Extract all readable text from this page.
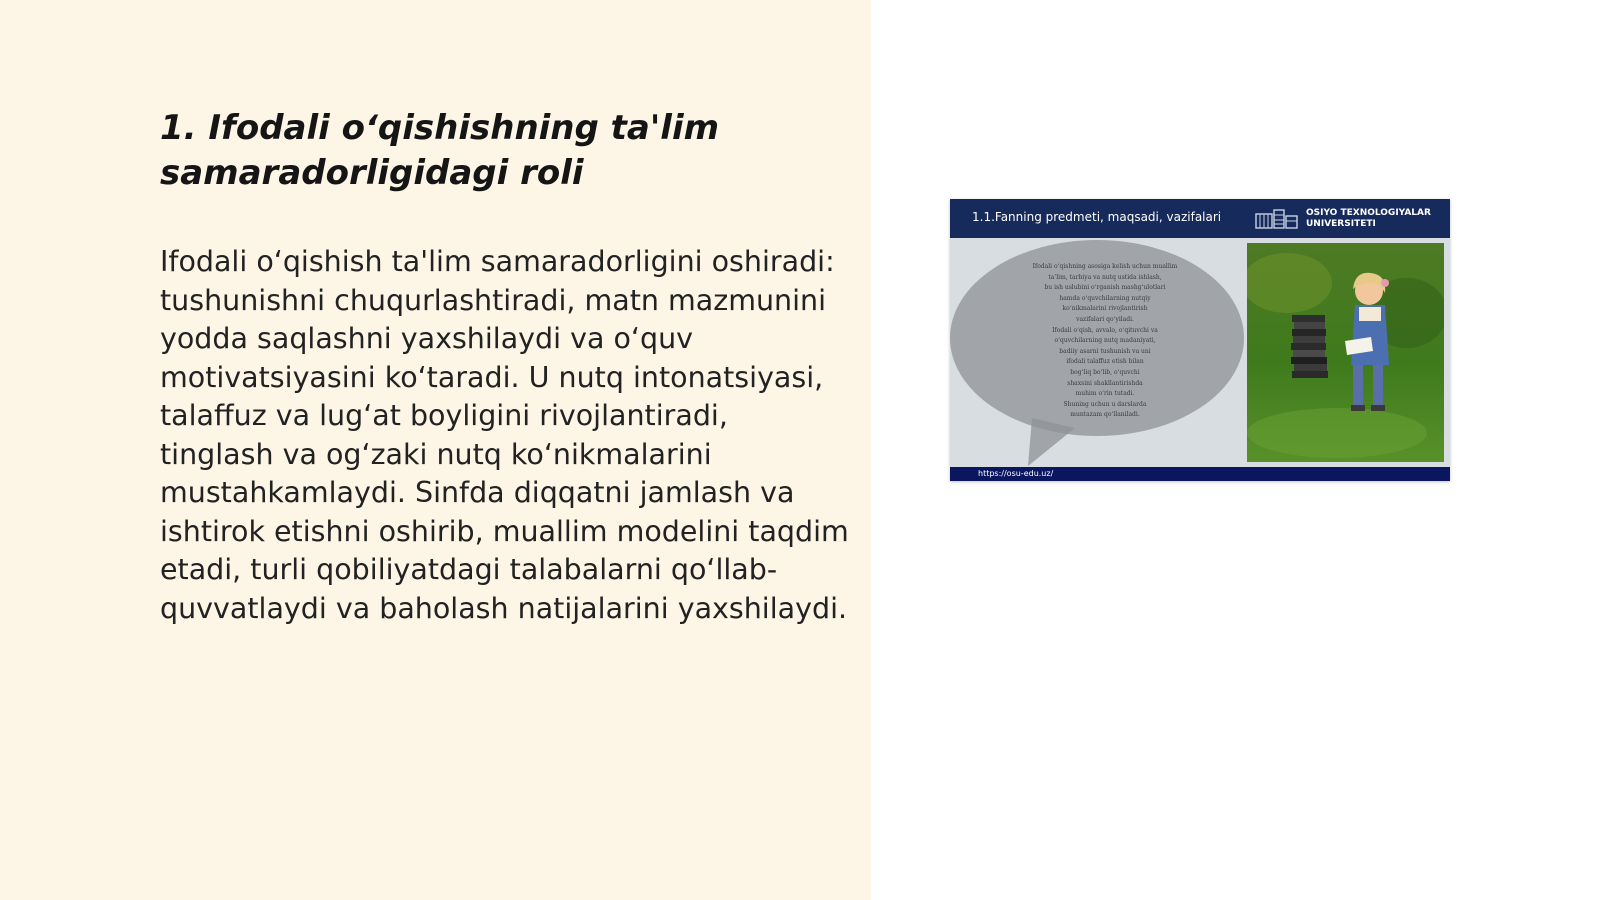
1. Ifodali o‘qishishning ta'lim samaradorligidagi roli

Ifodali o‘qishish ta'lim samaradorligini oshiradi: tushunishni chuqurlashtiradi, matn mazmunini yodda saqlashni yaxshilaydi va o‘quv motivatsiyasini ko‘taradi. U nutq intonatsiyasi, talaffuz va lug‘at boyligini rivojlantiradi, tinglash va og‘zaki nutq ko‘nikmalarini mustahkamlaydi. Sinfda diqqatni jamlash va ishtirok etishni oshirib, muallim modelini taqdim etadi, turli qobiliyatdagi talabalarni qo‘llab-quvvatlaydi va baholash natijalarini yaxshilaydi.

1.1.Fanning predmeti, maqsadi, vazifalari	OSIYO TEXNOLOGIYALAR UNIVERSITETI
Ifodali o‘qishning asosiga kelish uchun muallim
ta’lim, tarbiya va nutq ustida ishlash,
bu ish uslubini o‘rganish mashg‘ulotlari
hamda o‘quvchilarning nutqiy
ko‘nikmalarini rivojlantirish
vazifalari qo‘yiladi.
Ifodali o‘qish, avvalo, o‘qituvchi va
o‘quvchilarning nutq madaniyati,
badiiy asarni tushunish va uni
ifodali talaffuz etish bilan
bog‘liq bo‘lib, o‘quvchi
shaxsini shakllantirishda
muhim o‘rin tutadi.
Shuning uchun u darslarda
muntazam qo‘llaniladi.
https://osu-edu.uz/
